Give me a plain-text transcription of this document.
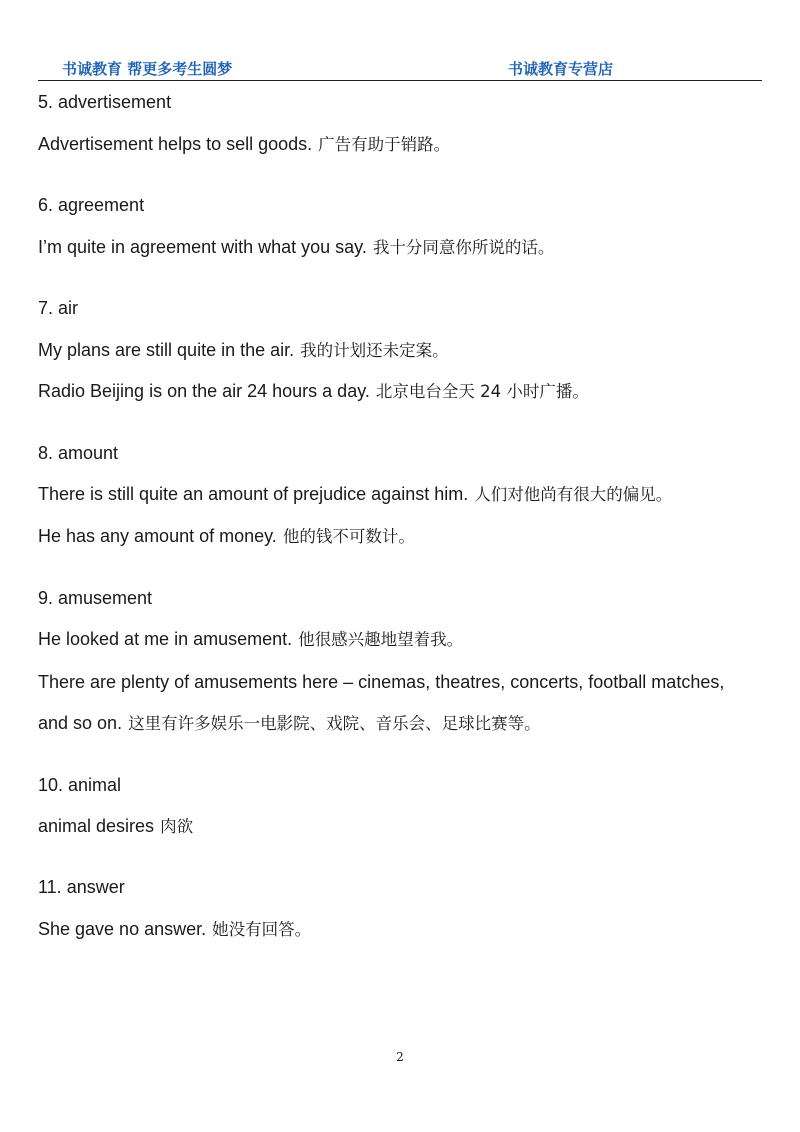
书诚教育 帮更多考生圆梦	书诚教育专营店
5. advertisement
Advertisement helps to sell goods. 广告有助于销路。
6. agreement
I’m quite in agreement with what you say. 我十分同意你所说的话。
7. air
My plans are still quite in the air. 我的计划还未定案。
Radio Beijing is on the air 24 hours a day. 北京电台全天 24 小时广播。
8. amount
There is still quite an amount of prejudice against him. 人们对他尚有很大的偏见。
He has any amount of money. 他的钱不可数计。
9. amusement
He looked at me in amusement. 他很感兴趣地望着我。
There are plenty of amusements here – cinemas, theatres, concerts, football matches,
and so on. 这里有许多娱乐一电影院、戏院、音乐会、足球比赛等。
10. animal
animal desires 肉欲
11. answer
She gave no answer. 她没有回答。
2
